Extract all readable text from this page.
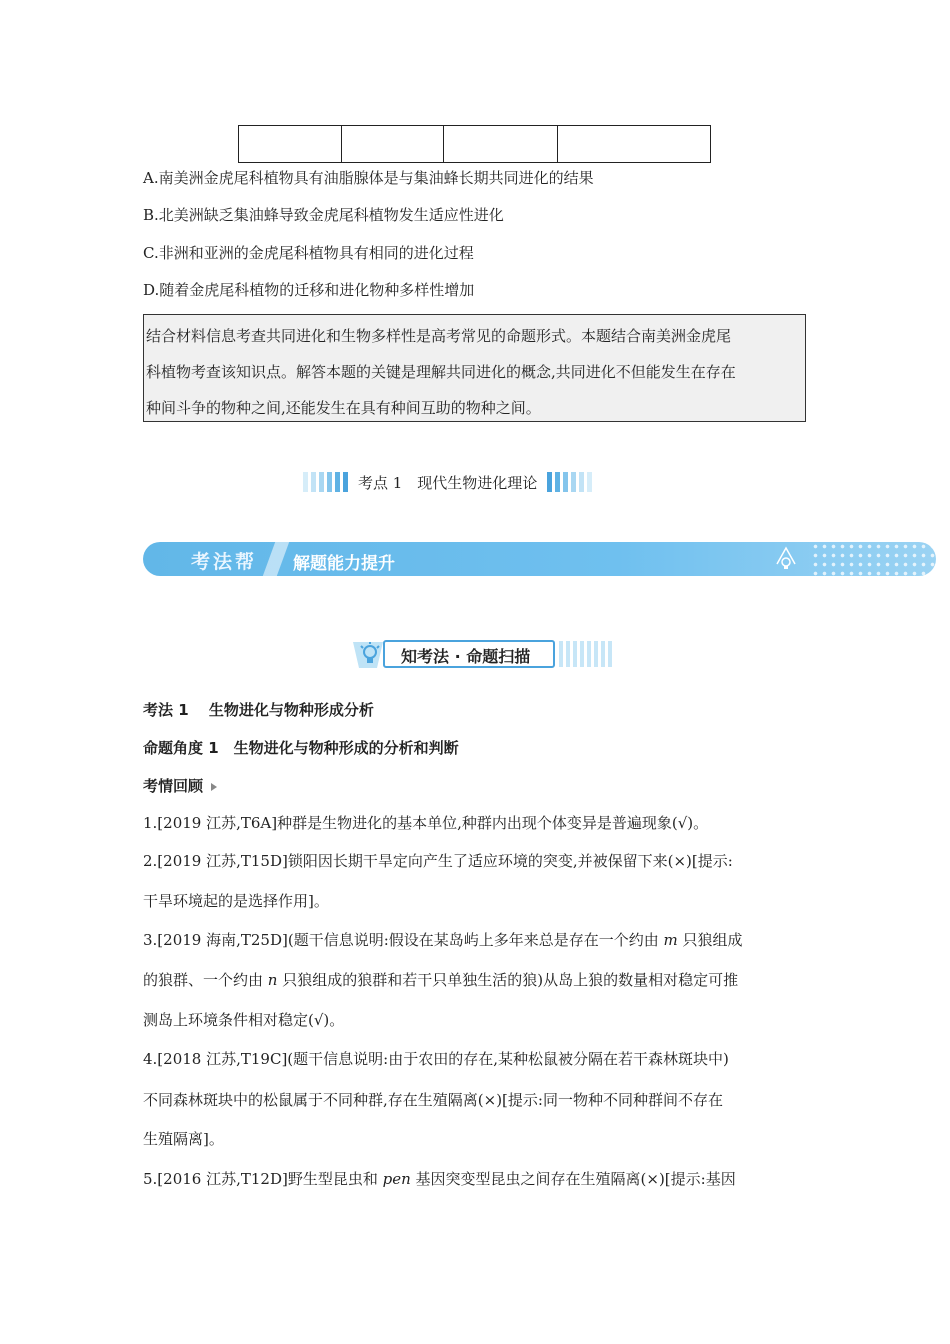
A.南美洲金虎尾科植物具有油脂腺体是与集油蜂长期共同进化的结果
B.北美洲缺乏集油蜂导致金虎尾科植物发生适应性进化
C.非洲和亚洲的金虎尾科植物具有相同的进化过程
D.随着金虎尾科植物的迁移和进化物种多样性增加
结合材料信息考查共同进化和生物多样性是高考常见的命题形式。本题结合南美洲金虎尾
科植物考查该知识点。解答本题的关键是理解共同进化的概念,共同进化不但能发生在存在
种间斗争的物种之间,还能发生在具有种间互助的物种之间。
考点 1　现代生物进化理论
考法帮 解题能力提升
知考法 · 命题扫描
考法 1　 生物进化与物种形成分析
命题角度 1　生物进化与物种形成的分析和判断
考情回顾
1.[2019 江苏,T6A]种群是生物进化的基本单位,种群内出现个体变异是普遍现象(√)。
2.[2019 江苏,T15D]锁阳因长期干旱定向产生了适应环境的突变,并被保留下来(×)[提示:
干旱环境起的是选择作用]。
3.[2019 海南,T25D](题干信息说明:假设在某岛屿上多年来总是存在一个约由 m 只狼组成
的狼群、一个约由 n 只狼组成的狼群和若干只单独生活的狼)从岛上狼的数量相对稳定可推
测岛上环境条件相对稳定(√)。
4.[2018 江苏,T19C](题干信息说明:由于农田的存在,某种松鼠被分隔在若干森林斑块中)
不同森林斑块中的松鼠属于不同种群,存在生殖隔离(×)[提示:同一物种不同种群间不存在
生殖隔离]。
5.[2016 江苏,T12D]野生型昆虫和 pen 基因突变型昆虫之间存在生殖隔离(×)[提示:基因
